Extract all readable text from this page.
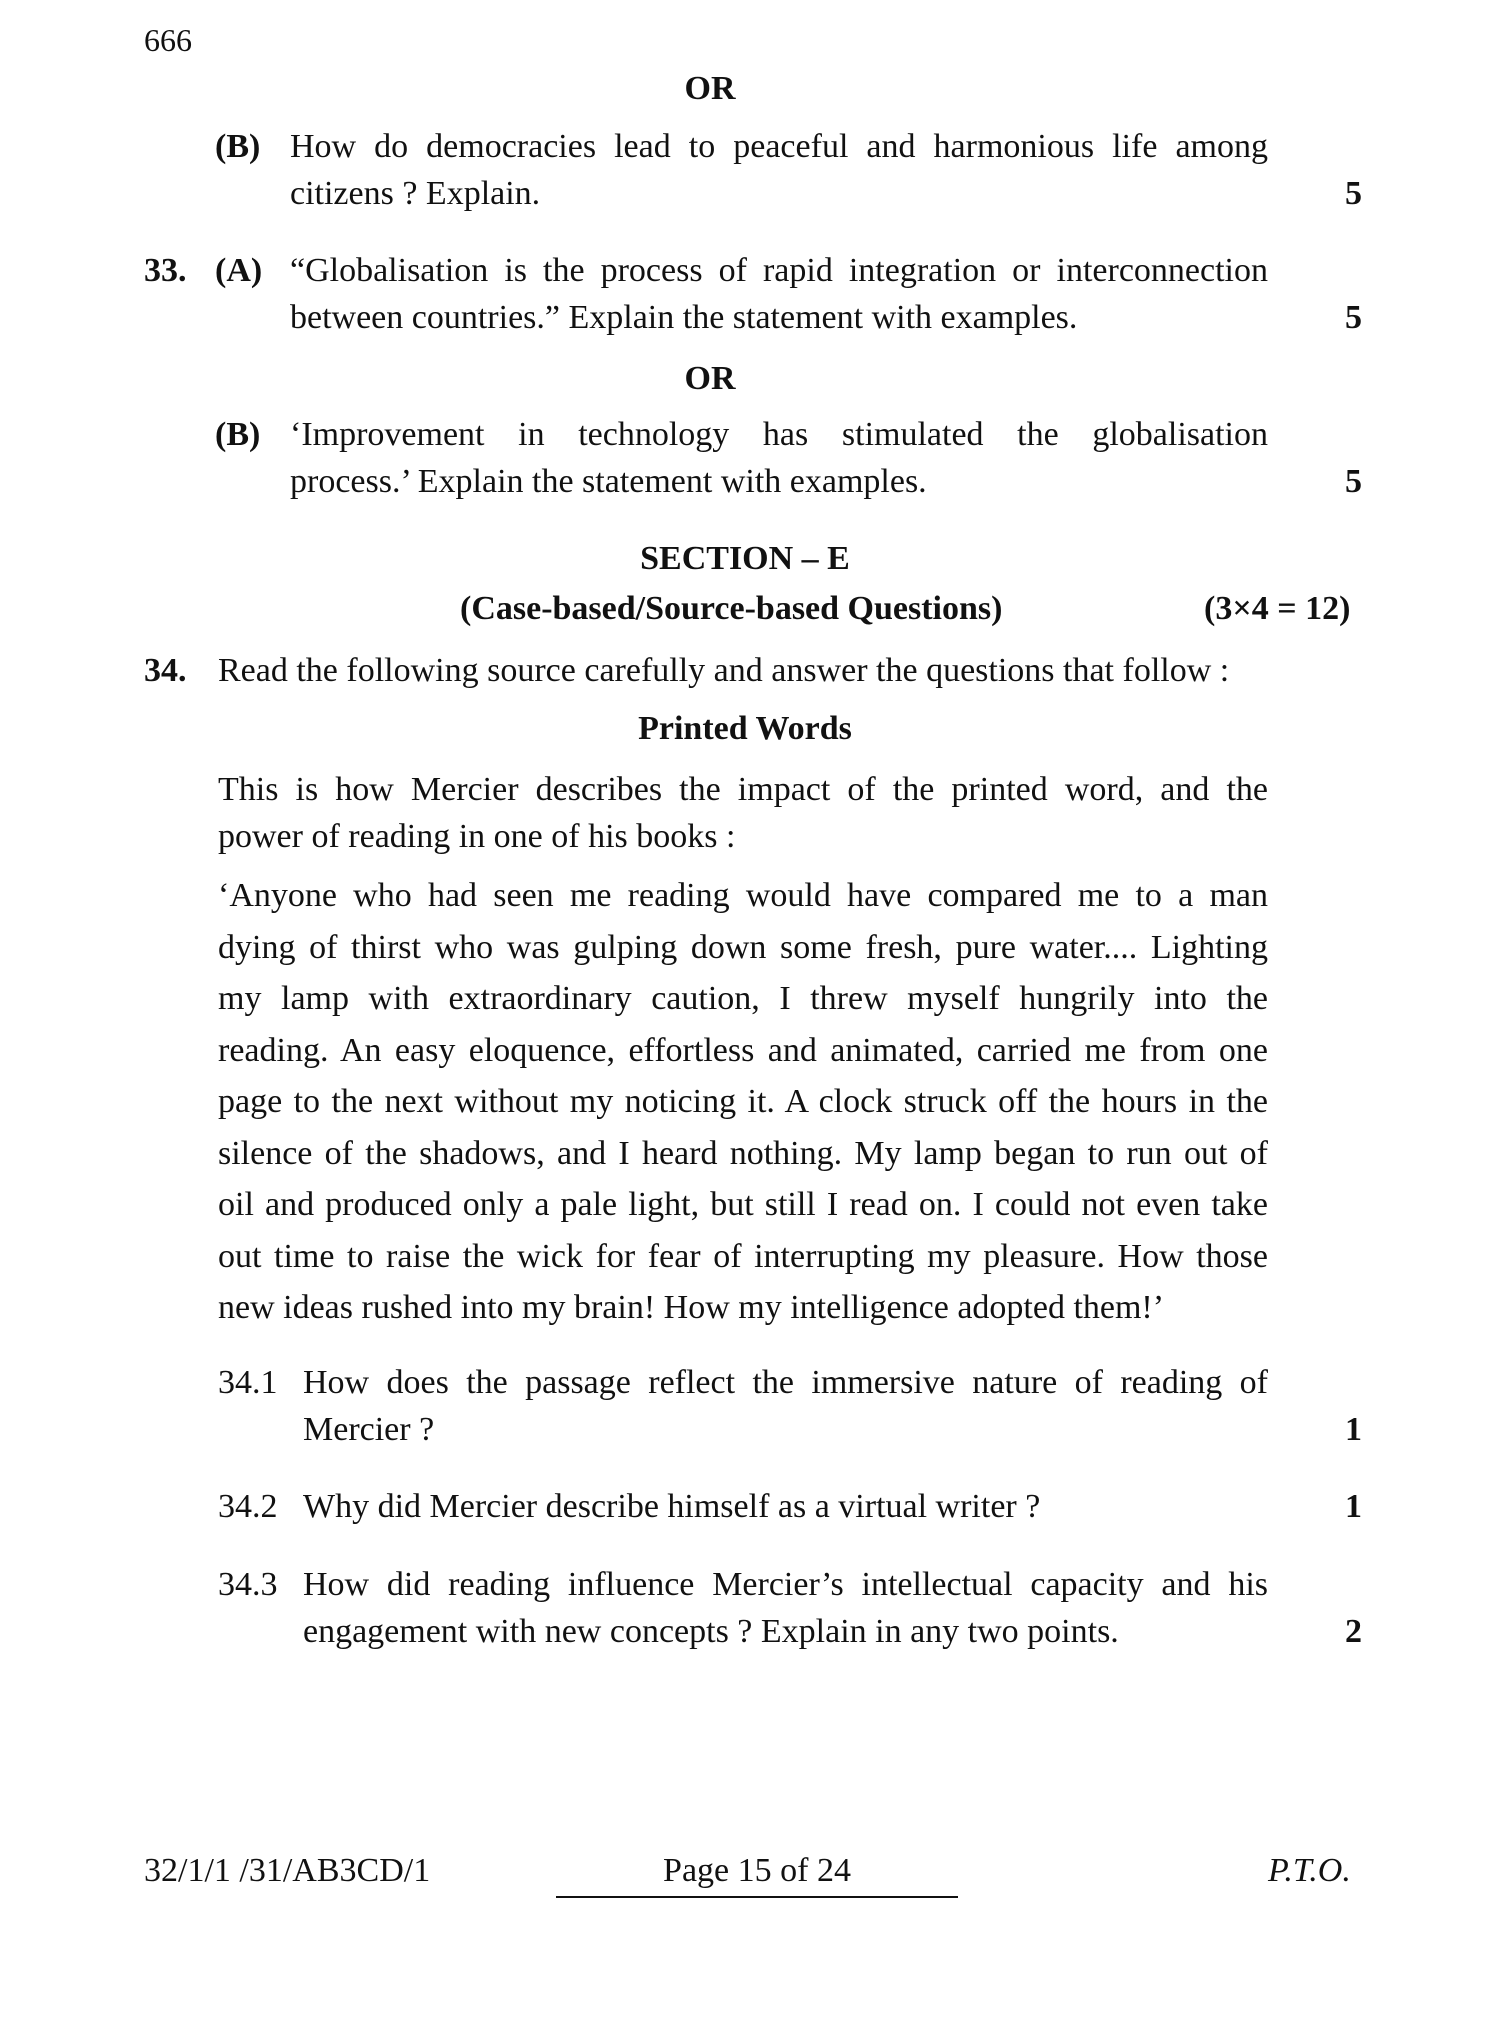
666
OR
(B) How do democracies lead to peaceful and harmonious life among
citizens ? Explain.	5
33. (A) “Globalisation is the process of rapid integration or interconnection
between countries.” Explain the statement with examples.	5
OR
(B) ‘Improvement in technology has stimulated the globalisation
process.’ Explain the statement with examples.	5
SECTION – E
(Case-based/Source-based Questions)	(3×4 = 12)
34. Read the following source carefully and answer the questions that follow :
Printed Words
This is how Mercier describes the impact of the printed word, and the
power of reading in one of his books :
‘Anyone who had seen me reading would have compared me to a man
dying of thirst who was gulping down some fresh, pure water.... Lighting
my lamp with extraordinary caution, I threw myself hungrily into the
reading. An easy eloquence, effortless and animated, carried me from one
page to the next without my noticing it. A clock struck off the hours in the
silence of the shadows, and I heard nothing. My lamp began to run out of
oil and produced only a pale light, but still I read on. I could not even take
out time to raise the wick for fear of interrupting my pleasure. How those
new ideas rushed into my brain! How my intelligence adopted them!’
34.1 How does the passage reflect the immersive nature of reading of
Mercier ?	1
34.2 Why did Mercier describe himself as a virtual writer ?	1
34.3 How did reading influence Mercier’s intellectual capacity and his
engagement with new concepts ? Explain in any two points.	2
32/1/1 /31/AB3CD/1	Page 15 of 24	P.T.O.
